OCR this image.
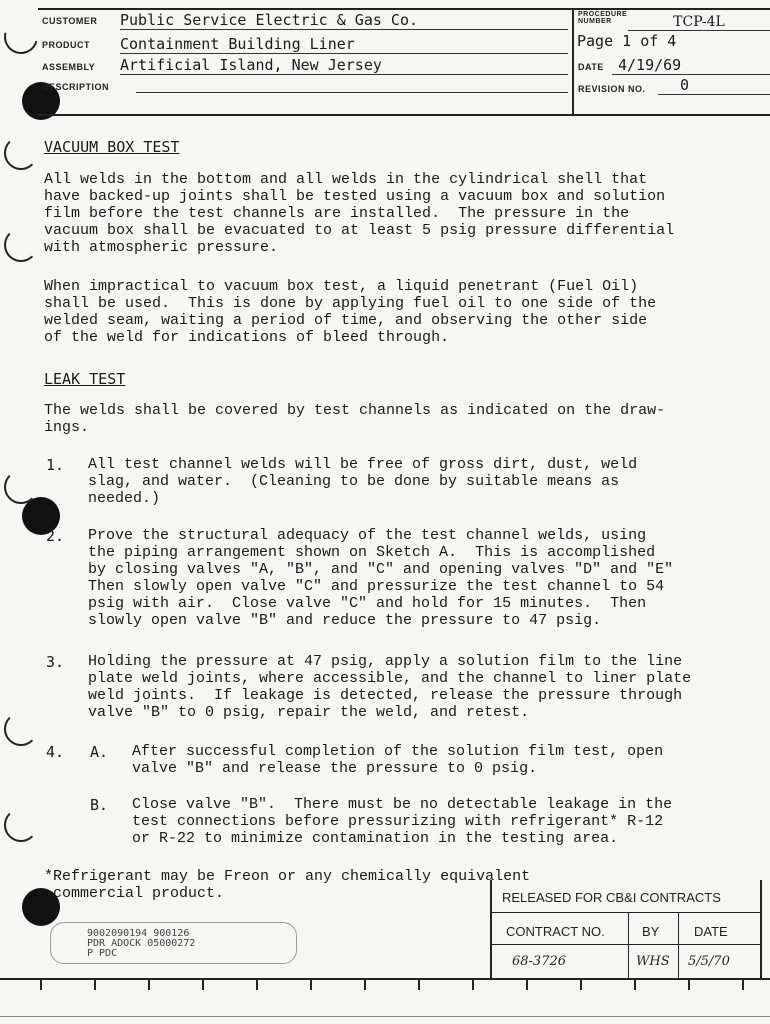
CUSTOMER Public Service Electric & Gas Co.
PRODUCT Containment Building Liner
ASSEMBLY Artificial Island, New Jersey
DESCRIPTION
PROCEDURE
NUMBER	TCP-4L
Page 1 of 4
DATE 4/19/69
REVISION NO.	0
VACUUM BOX TEST
All welds in the bottom and all welds in the cylindrical shell that
have backed-up joints shall be tested using a vacuum box and solution
film before the test channels are installed.  The pressure in the
vacuum box shall be evacuated to at least 5 psig pressure differential
with atmospheric pressure.
When impractical to vacuum box test, a liquid penetrant (Fuel Oil)
shall be used.  This is done by applying fuel oil to one side of the
welded seam, waiting a period of time, and observing the other side
of the weld for indications of bleed through.
LEAK TEST
The welds shall be covered by test channels as indicated on the draw-
ings.
1. All test channel welds will be free of gross dirt, dust, weld
slag, and water.  (Cleaning to be done by suitable means as
needed.)
2. Prove the structural adequacy of the test channel welds, using
the piping arrangement shown on Sketch A.  This is accomplished
by closing valves "A, "B", and "C" and opening valves "D" and "E"
Then slowly open valve "C" and pressurize the test channel to 54
psig with air.  Close valve "C" and hold for 15 minutes.  Then
slowly open valve "B" and reduce the pressure to 47 psig.
3. Holding the pressure at 47 psig, apply a solution film to the line
plate weld joints, where accessible, and the channel to liner plate
weld joints.  If leakage is detected, release the pressure through
valve "B" to 0 psig, repair the weld, and retest.
4. A. After successful completion of the solution film test, open
valve "B" and release the pressure to 0 psig.
B. Close valve "B".  There must be no detectable leakage in the
test connections before pressurizing with refrigerant* R-12
or R-22 to minimize contamination in the testing area.
*Refrigerant may be Freon or any chemically equivalent
commercial product.
9002090194 900126
PDR ADOCK 05000272
P PDC
RELEASED FOR CB&I CONTRACTS
CONTRACT NO.	BY	DATE
68-3726	WHS 5/5/70
